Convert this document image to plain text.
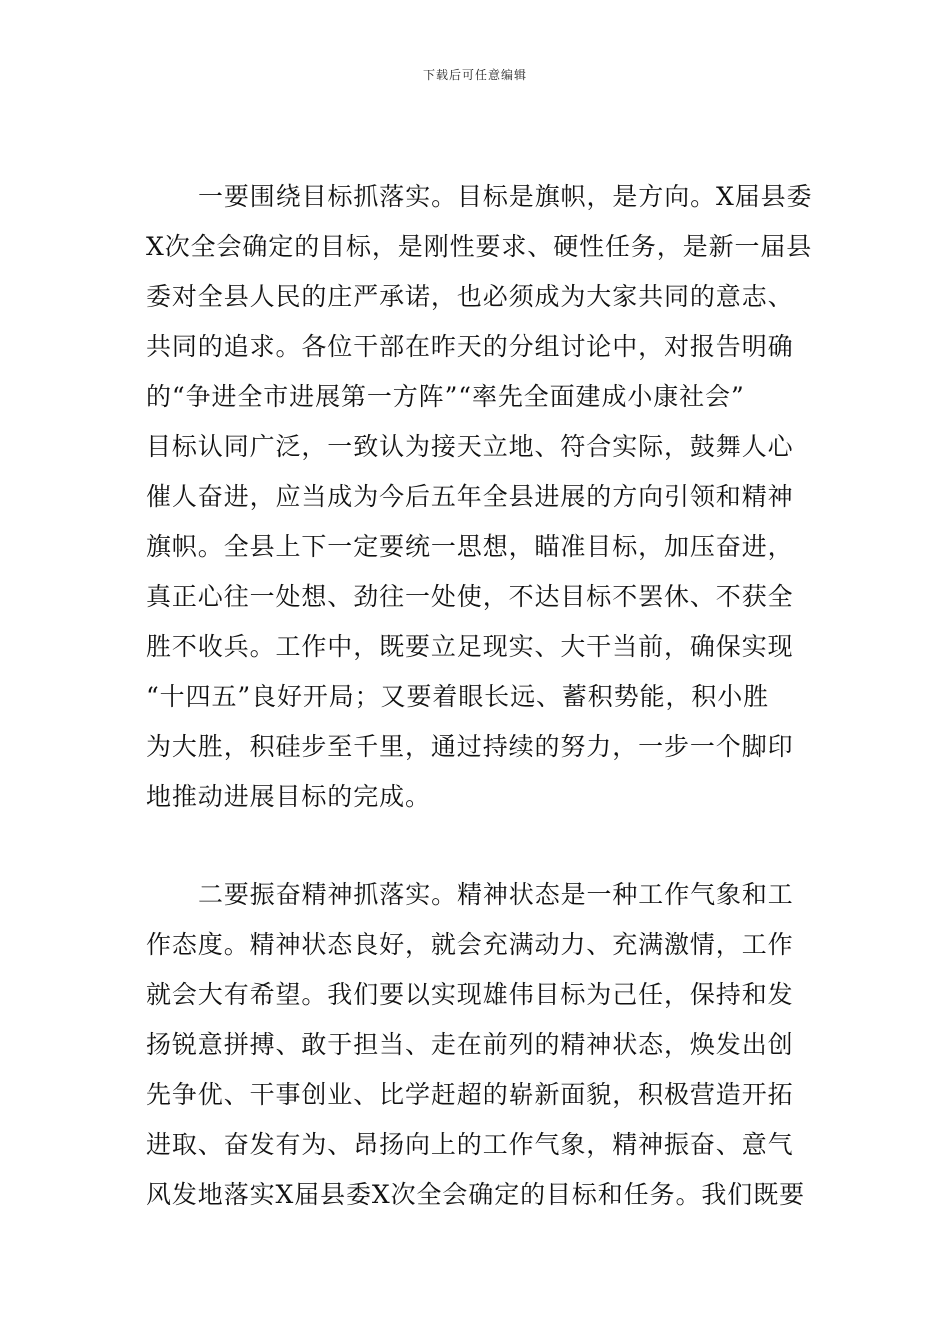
下载后可任意编辑
一要围绕目标抓落实。目标是旗帜，是方向。X届县委
X次全会确定的目标，是刚性要求、硬性任务，是新一届县
委对全县人民的庄严承诺，也必须成为大家共同的意志、
共同的追求。各位干部在昨天的分组讨论中，对报告明确
的“争进全市进展第一方阵”“率先全面建成小康社会”
目标认同广泛，一致认为接天立地、符合实际，鼓舞人心
催人奋进，应当成为今后五年全县进展的方向引领和精神
旗帜。全县上下一定要统一思想，瞄准目标，加压奋进，
真正心往一处想、劲往一处使，不达目标不罢休、不获全
胜不收兵。工作中，既要立足现实、大干当前，确保实现
“十四五”良好开局；又要着眼长远、蓄积势能，积小胜
为大胜，积硅步至千里，通过持续的努力，一步一个脚印
地推动进展目标的完成。
二要振奋精神抓落实。精神状态是一种工作气象和工
作态度。精神状态良好，就会充满动力、充满激情，工作
就会大有希望。我们要以实现雄伟目标为己任，保持和发
扬锐意拼搏、敢于担当、走在前列的精神状态，焕发出创
先争优、干事创业、比学赶超的崭新面貌，积极营造开拓
进取、奋发有为、昂扬向上的工作气象，精神振奋、意气
风发地落实X届县委X次全会确定的目标和任务。我们既要
